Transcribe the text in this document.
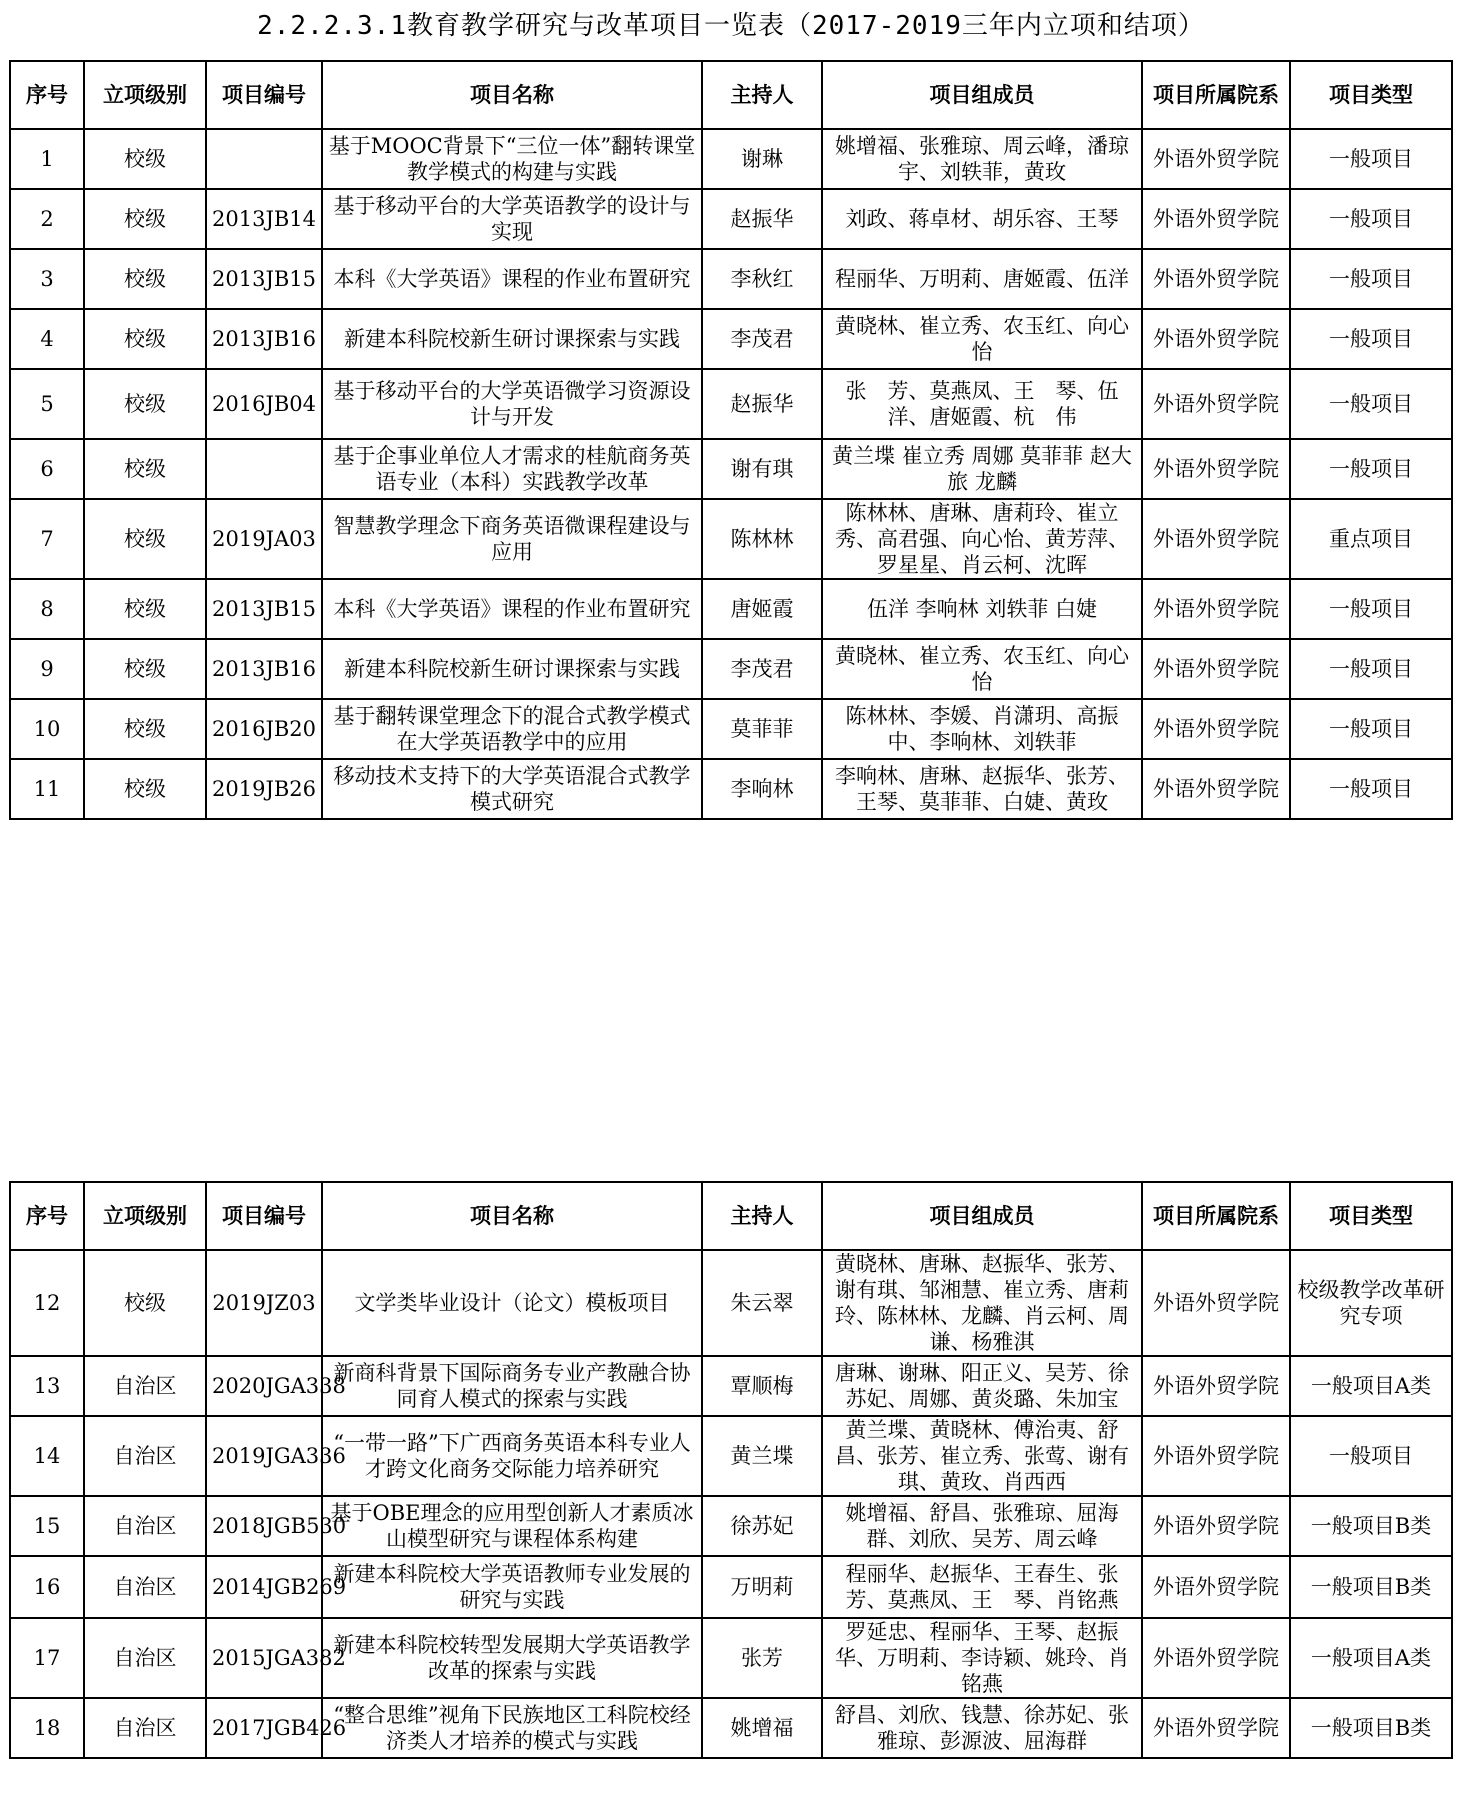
2.2.2.3.1教育教学研究与改革项目一览表（2017-2019三年内立项和结项）
序号	立项级别	项目编号	项目名称	主持人	项目组成员	项目所属院系	项目类型
1	校级		基于MOOC背景下“三位一体”翻转课堂教学模式的构建与实践	谢琳	姚增福、张雅琼、周云峰，潘琼宇、刘轶菲，黄玫	外语外贸学院	一般项目
2	校级	2013JB14	基于移动平台的大学英语教学的设计与实现	赵振华	刘政、蒋卓材、胡乐容、王琴	外语外贸学院	一般项目
3	校级	2013JB15	本科《大学英语》课程的作业布置研究	李秋红	程丽华、万明莉、唐姬霞、伍洋	外语外贸学院	一般项目
4	校级	2013JB16	新建本科院校新生研讨课探索与实践	李茂君	黄晓林、崔立秀、农玉红、向心怡	外语外贸学院	一般项目
5	校级	2016JB04	基于移动平台的大学英语微学习资源设计与开发	赵振华	张　芳、莫燕凤、王　琴、伍洋、唐姬霞、杭　伟	外语外贸学院	一般项目
6	校级		基于企事业单位人才需求的桂航商务英语专业（本科）实践教学改革	谢有琪	黄兰堞 崔立秀 周娜 莫菲菲 赵大旅 龙麟	外语外贸学院	一般项目
7	校级	2019JA03	智慧教学理念下商务英语微课程建设与应用	陈林林	陈林林、唐琳、唐莉玲、崔立秀、高君强、向心怡、黄芳萍、罗星星、肖云柯、沈晖	外语外贸学院	重点项目
8	校级	2013JB15	本科《大学英语》课程的作业布置研究	唐姬霞	伍洋 李响林 刘轶菲 白婕	外语外贸学院	一般项目
9	校级	2013JB16	新建本科院校新生研讨课探索与实践	李茂君	黄晓林、崔立秀、农玉红、向心怡	外语外贸学院	一般项目
10	校级	2016JB20	基于翻转课堂理念下的混合式教学模式在大学英语教学中的应用	莫菲菲	陈林林、李媛、肖潇玥、高振中、李响林、刘轶菲	外语外贸学院	一般项目
11	校级	2019JB26	移动技术支持下的大学英语混合式教学模式研究	李响林	李响林、唐琳、赵振华、张芳、王琴、莫菲菲、白婕、黄玫	外语外贸学院	一般项目
序号	立项级别	项目编号	项目名称	主持人	项目组成员	项目所属院系	项目类型
12	校级	2019JZ03	文学类毕业设计（论文）模板项目	朱云翠	黄晓林、唐琳、赵振华、张芳、谢有琪、邹湘慧、崔立秀、唐莉玲、陈林林、龙麟、肖云柯、周谦、杨雅淇	外语外贸学院	校级教学改革研究专项
13	自治区	2020JGA338	新商科背景下国际商务专业产教融合协同育人模式的探索与实践	覃顺梅	唐琳、谢琳、阳正义、吴芳、徐苏妃、周娜、黄炎璐、朱加宝	外语外贸学院	一般项目A类
14	自治区	2019JGA336	“一带一路”下广西商务英语本科专业人才跨文化商务交际能力培养研究	黄兰堞	黄兰堞、黄晓林、傅治夷、舒昌、张芳、崔立秀、张莺、谢有琪、黄玫、肖西西	外语外贸学院	一般项目
15	自治区	2018JGB530	基于OBE理念的应用型创新人才素质冰山模型研究与课程体系构建	徐苏妃	姚增福、舒昌、张雅琼、屈海群、刘欣、吴芳、周云峰	外语外贸学院	一般项目B类
16	自治区	2014JGB269	新建本科院校大学英语教师专业发展的研究与实践	万明莉	程丽华、赵振华、王春生、张芳、莫燕凤、王　琴、肖铭燕	外语外贸学院	一般项目B类
17	自治区	2015JGA382	新建本科院校转型发展期大学英语教学改革的探索与实践	张芳	罗延忠、程丽华、王琴、赵振华、万明莉、李诗颖、姚玲、肖铭燕	外语外贸学院	一般项目A类
18	自治区	2017JGB426	“整合思维”视角下民族地区工科院校经济类人才培养的模式与实践	姚增福	舒昌、刘欣、钱慧、徐苏妃、张雅琼、彭源波、屈海群	外语外贸学院	一般项目B类
